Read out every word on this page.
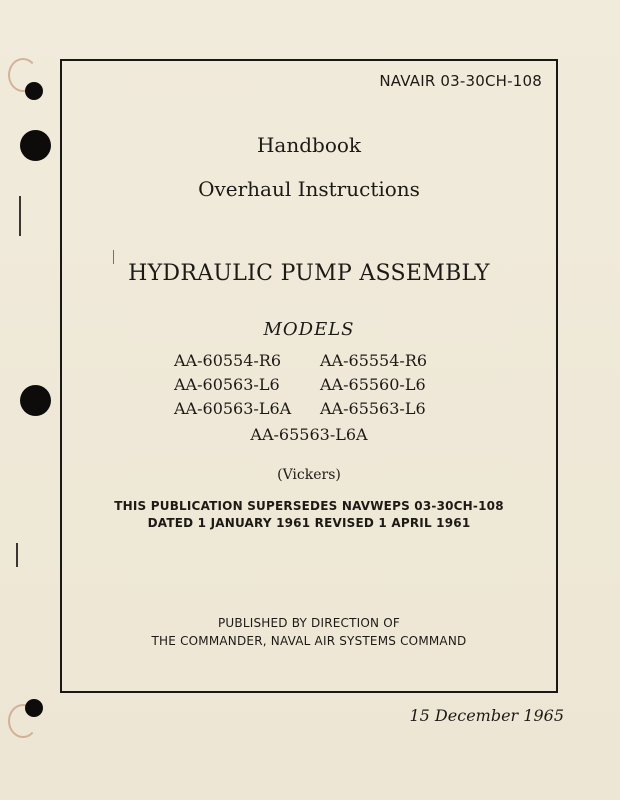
NAVAIR 03-30CH-108
Handbook
Overhaul Instructions
HYDRAULIC PUMP ASSEMBLY
MODELS
AA-60554-R6	AA-65554-R6
AA-60563-L6	AA-65560-L6
AA-60563-L6A	AA-65563-L6
AA-65563-L6A
(Vickers)
THIS PUBLICATION SUPERSEDES NAVWEPS 03-30CH-108
DATED 1 JANUARY 1961 REVISED 1 APRIL 1961
PUBLISHED BY DIRECTION OF
THE COMMANDER, NAVAL AIR SYSTEMS COMMAND
15 December 1965
